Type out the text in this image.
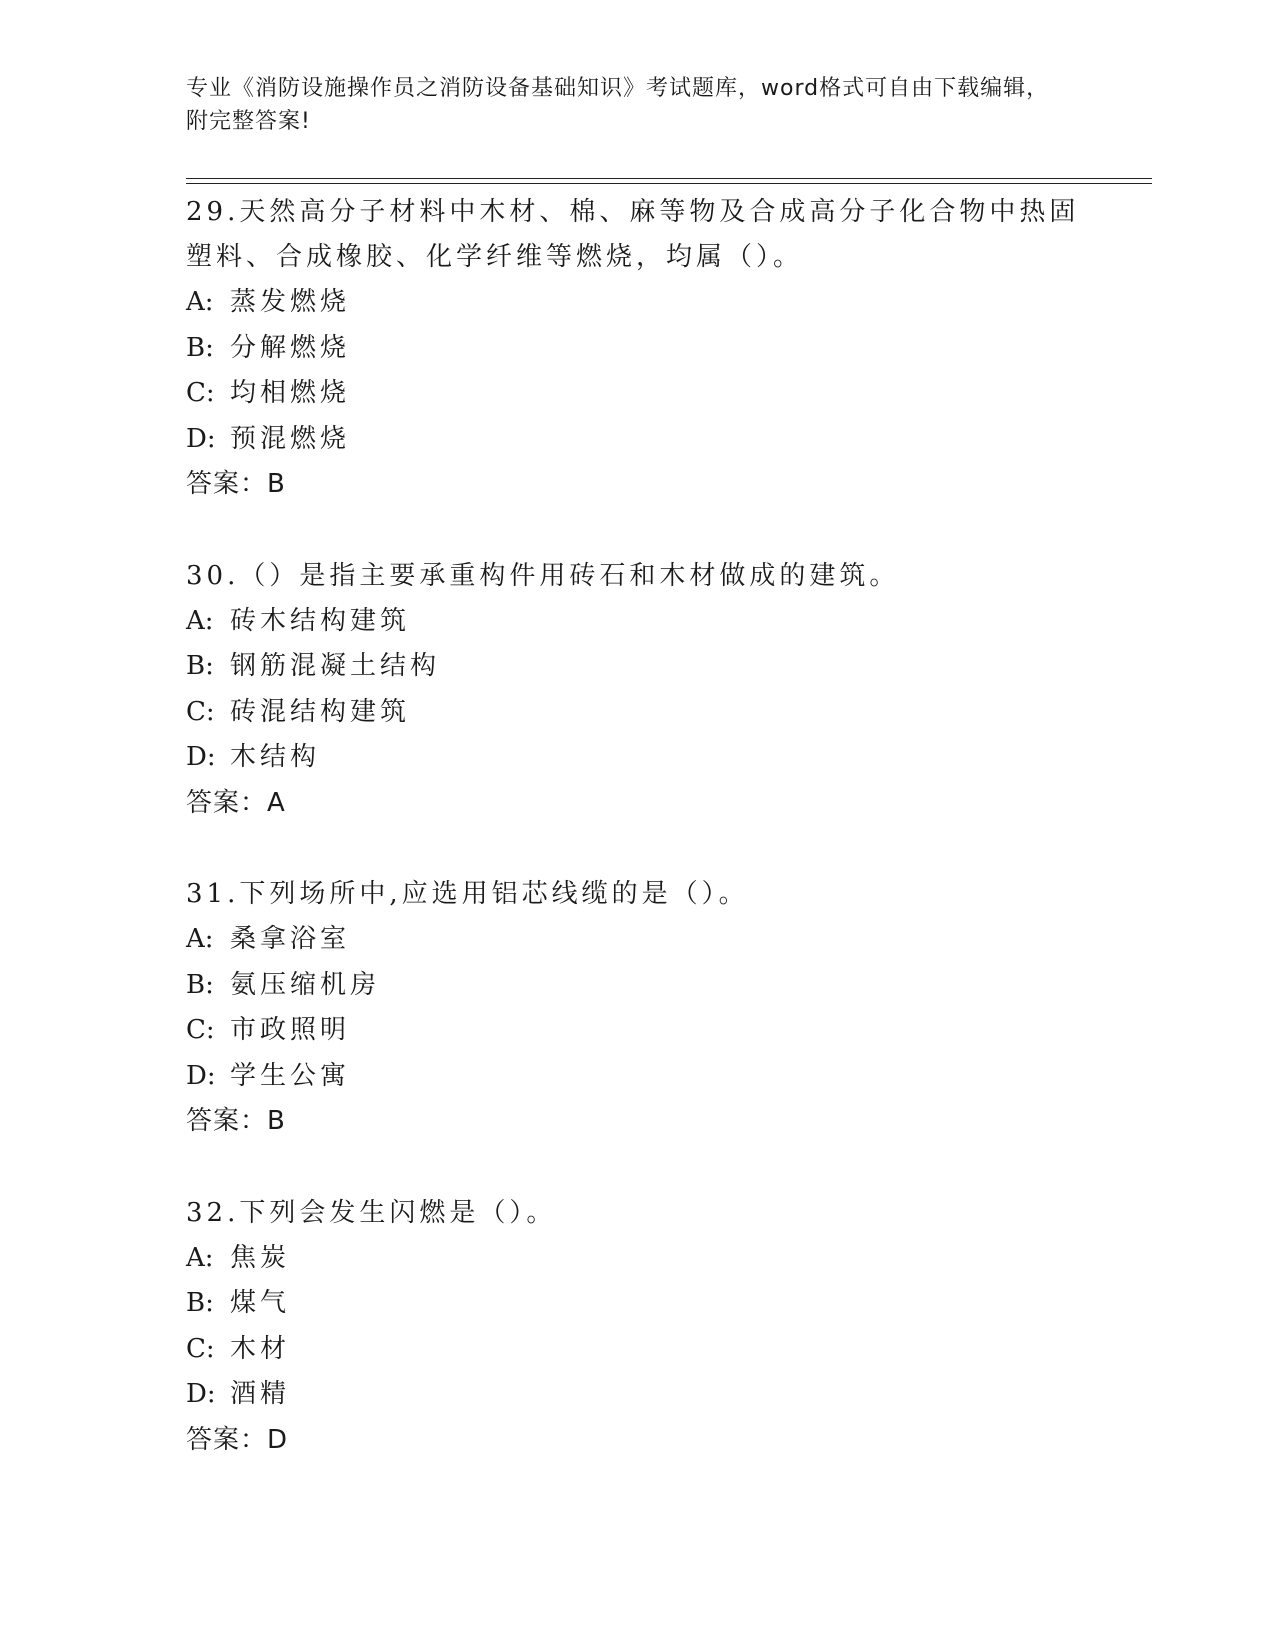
专业《消防设施操作员之消防设备基础知识》考试题库，word格式可自由下载编辑，附完整答案!

29.天然高分子材料中木材、棉、麻等物及合成高分子化合物中热固塑料、合成橡胶、化学纤维等燃烧，均属（）。

A: 蒸发燃烧

B: 分解燃烧

C: 均相燃烧

D: 预混燃烧

答案：B

30.（）是指主要承重构件用砖石和木材做成的建筑。

A: 砖木结构建筑

B: 钢筋混凝土结构

C: 砖混结构建筑

D: 木结构

答案：A

31.下列场所中,应选用铝芯线缆的是（）。

A: 桑拿浴室

B: 氨压缩机房

C: 市政照明

D: 学生公寓

答案：B

32.下列会发生闪燃是（）。

A: 焦炭

B: 煤气

C: 木材

D: 酒精

答案：D
